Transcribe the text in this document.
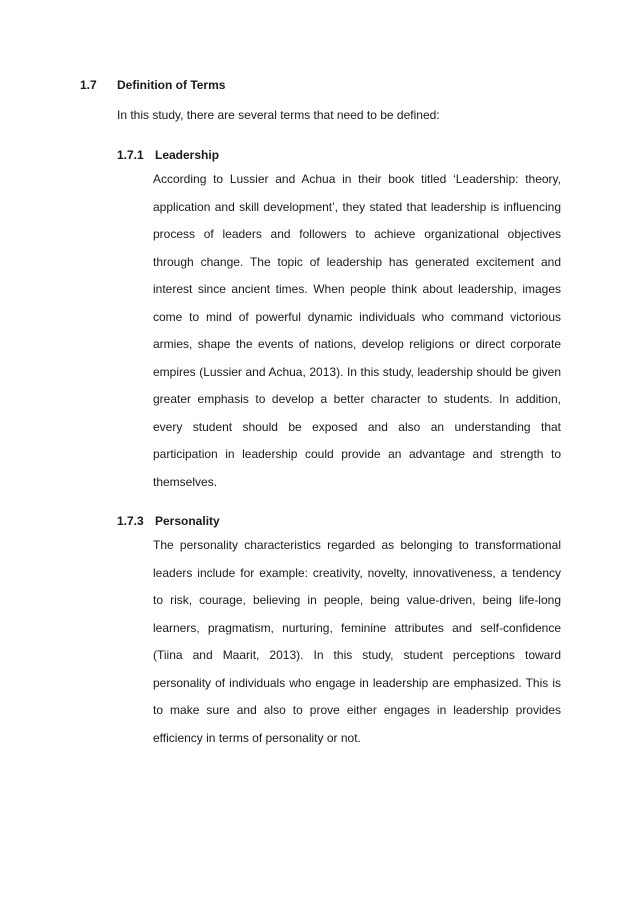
1.7 Definition of Terms
In this study, there are several terms that need to be defined:
1.7.1 Leadership

According to Lussier and Achua in their book titled ‘Leadership: theory, application and skill development’, they stated that leadership is influencing process of leaders and followers to achieve organizational objectives through change. The topic of leadership has generated excitement and interest since ancient times. When people think about leadership, images come to mind of powerful dynamic individuals who command victorious armies, shape the events of nations, develop religions or direct corporate empires (Lussier and Achua, 2013). In this study, leadership should be given greater emphasis to develop a better character to students. In addition, every student should be exposed and also an understanding that participation in leadership could provide an advantage and strength to themselves.

1.7.3 Personality

The personality characteristics regarded as belonging to transformational leaders include for example: creativity, novelty, innovativeness, a tendency to risk, courage, believing in people, being value-driven, being life-long learners, pragmatism, nurturing, feminine attributes and self-confidence (Tiina and Maarit, 2013). In this study, student perceptions toward personality of individuals who engage in leadership are emphasized. This is to make sure and also to prove either engages in leadership provides efficiency in terms of personality or not.
